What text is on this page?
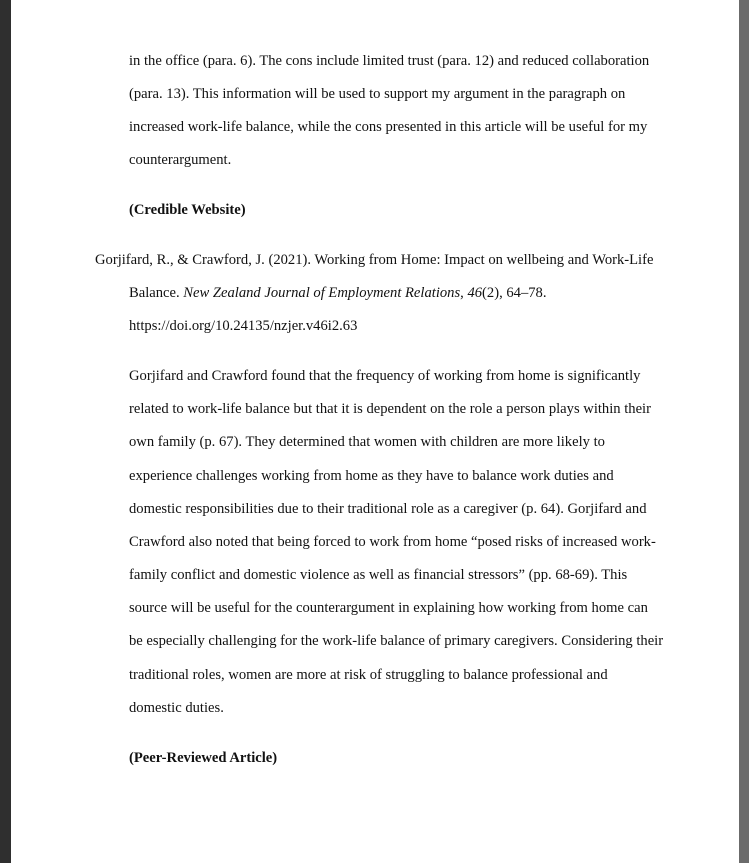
in the office (para. 6). The cons include limited trust (para. 12) and reduced collaboration
(para. 13). This information will be used to support my argument in the paragraph on
increased work-life balance, while the cons presented in this article will be useful for my
counterargument.
(Credible Website)
Gorjifard, R., & Crawford, J. (2021). Working from Home: Impact on wellbeing and Work-Life
Balance. New Zealand Journal of Employment Relations, 46(2), 64–78.
https://doi.org/10.24135/nzjer.v46i2.63
Gorjifard and Crawford found that the frequency of working from home is significantly
related to work-life balance but that it is dependent on the role a person plays within their
own family (p. 67). They determined that women with children are more likely to
experience challenges working from home as they have to balance work duties and
domestic responsibilities due to their traditional role as a caregiver (p. 64). Gorjifard and
Crawford also noted that being forced to work from home “posed risks of increased work-
family conflict and domestic violence as well as financial stressors” (pp. 68-69). This
source will be useful for the counterargument in explaining how working from home can
be especially challenging for the work-life balance of primary caregivers. Considering their
traditional roles, women are more at risk of struggling to balance professional and
domestic duties.
(Peer-Reviewed Article)
